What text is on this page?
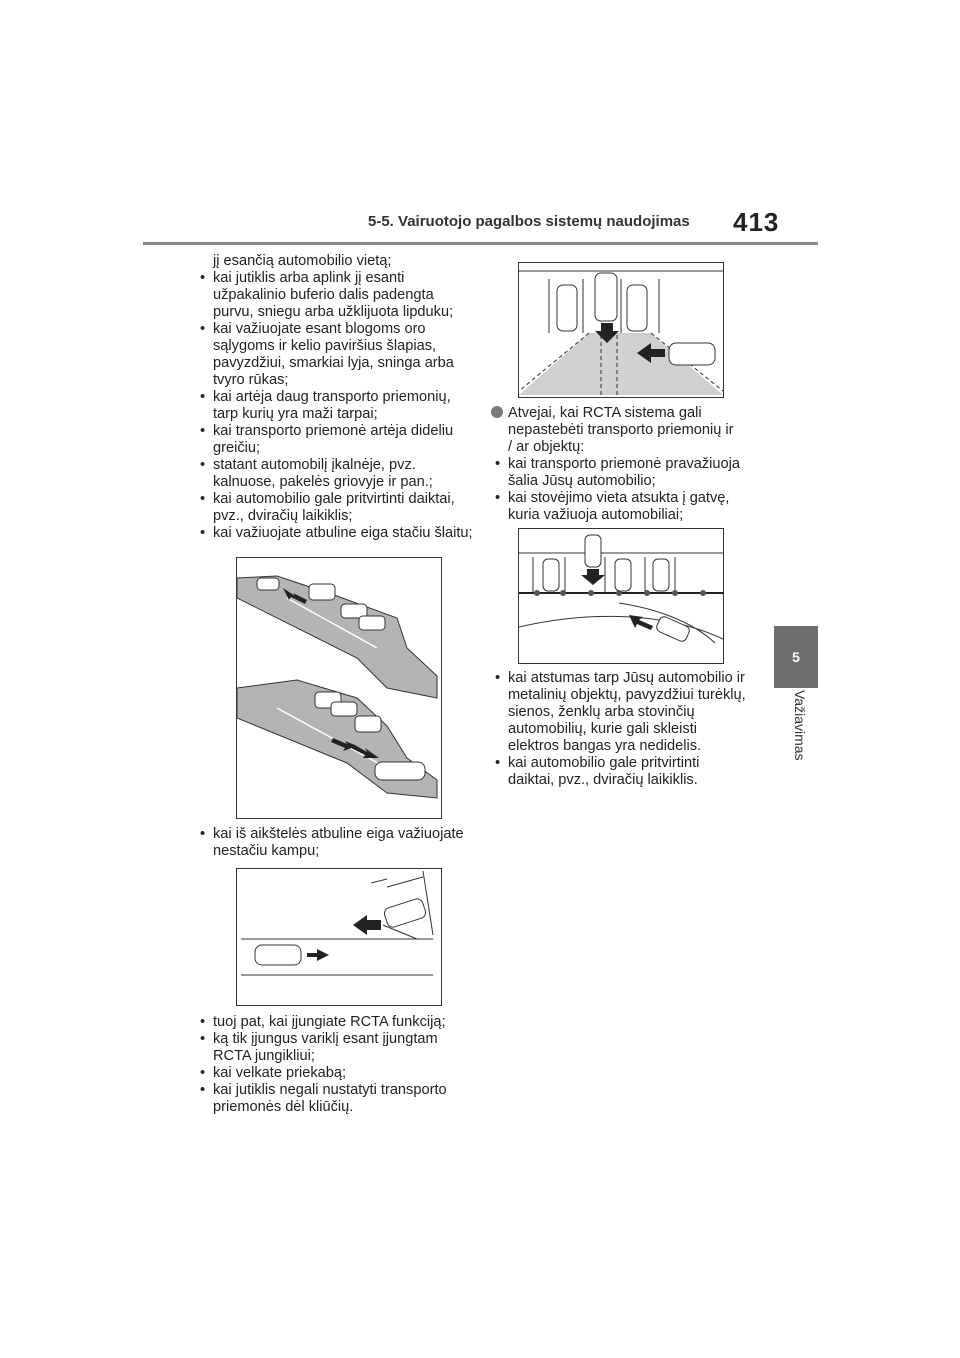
5-5. Vairuotojo pagalbos sistemų naudojimas 413
5
Važiavimas

jį esančią automobilio vietą;

• kai jutiklis arba aplink jį esanti užpakalinio buferio dalis padengta purvu, sniegu arba užklijuota lipduku;

• kai važiuojate esant blogoms oro sąlygoms ir kelio paviršius šlapias, pavyzdžiui, smarkiai lyja, sninga arba tvyro rūkas;

• kai artėja daug transporto priemonių, tarp kurių yra maži tarpai;

• kai transporto priemonė artėja dideliu greičiu;

• statant automobilį įkalnėje, pvz. kalnuose, pakelės griovyje ir pan.;

• kai automobilio gale pritvirtinti daiktai, pvz., dviračių laikiklis;

• kai važiuojate atbuline eiga stačiu šlaitu;

• kai iš aikštelės atbuline eiga važiuojate nestačiu kampu;

• tuoj pat, kai įjungiate RCTA funkciją;

• ką tik įjungus variklį esant įjungtam RCTA jungikliui;

• kai velkate priekabą;

• kai jutiklis negali nustatyti transporto priemonės dėl kliūčių.

Atvejai, kai RCTA sistema gali nepastebėti transporto priemonių ir / ar objektų:

• kai transporto priemonė pravažiuoja šalia Jūsų automobilio;

• kai stovėjimo vieta atsukta į gatvę, kuria važiuoja automobiliai;

• kai atstumas tarp Jūsų automobilio ir metalinių objektų, pavyzdžiui turėklų, sienos, ženklų arba stovinčių automobilių, kurie gali skleisti elektros bangas yra nedidelis.

• kai automobilio gale pritvirtinti daiktai, pvz., dviračių laikiklis.
